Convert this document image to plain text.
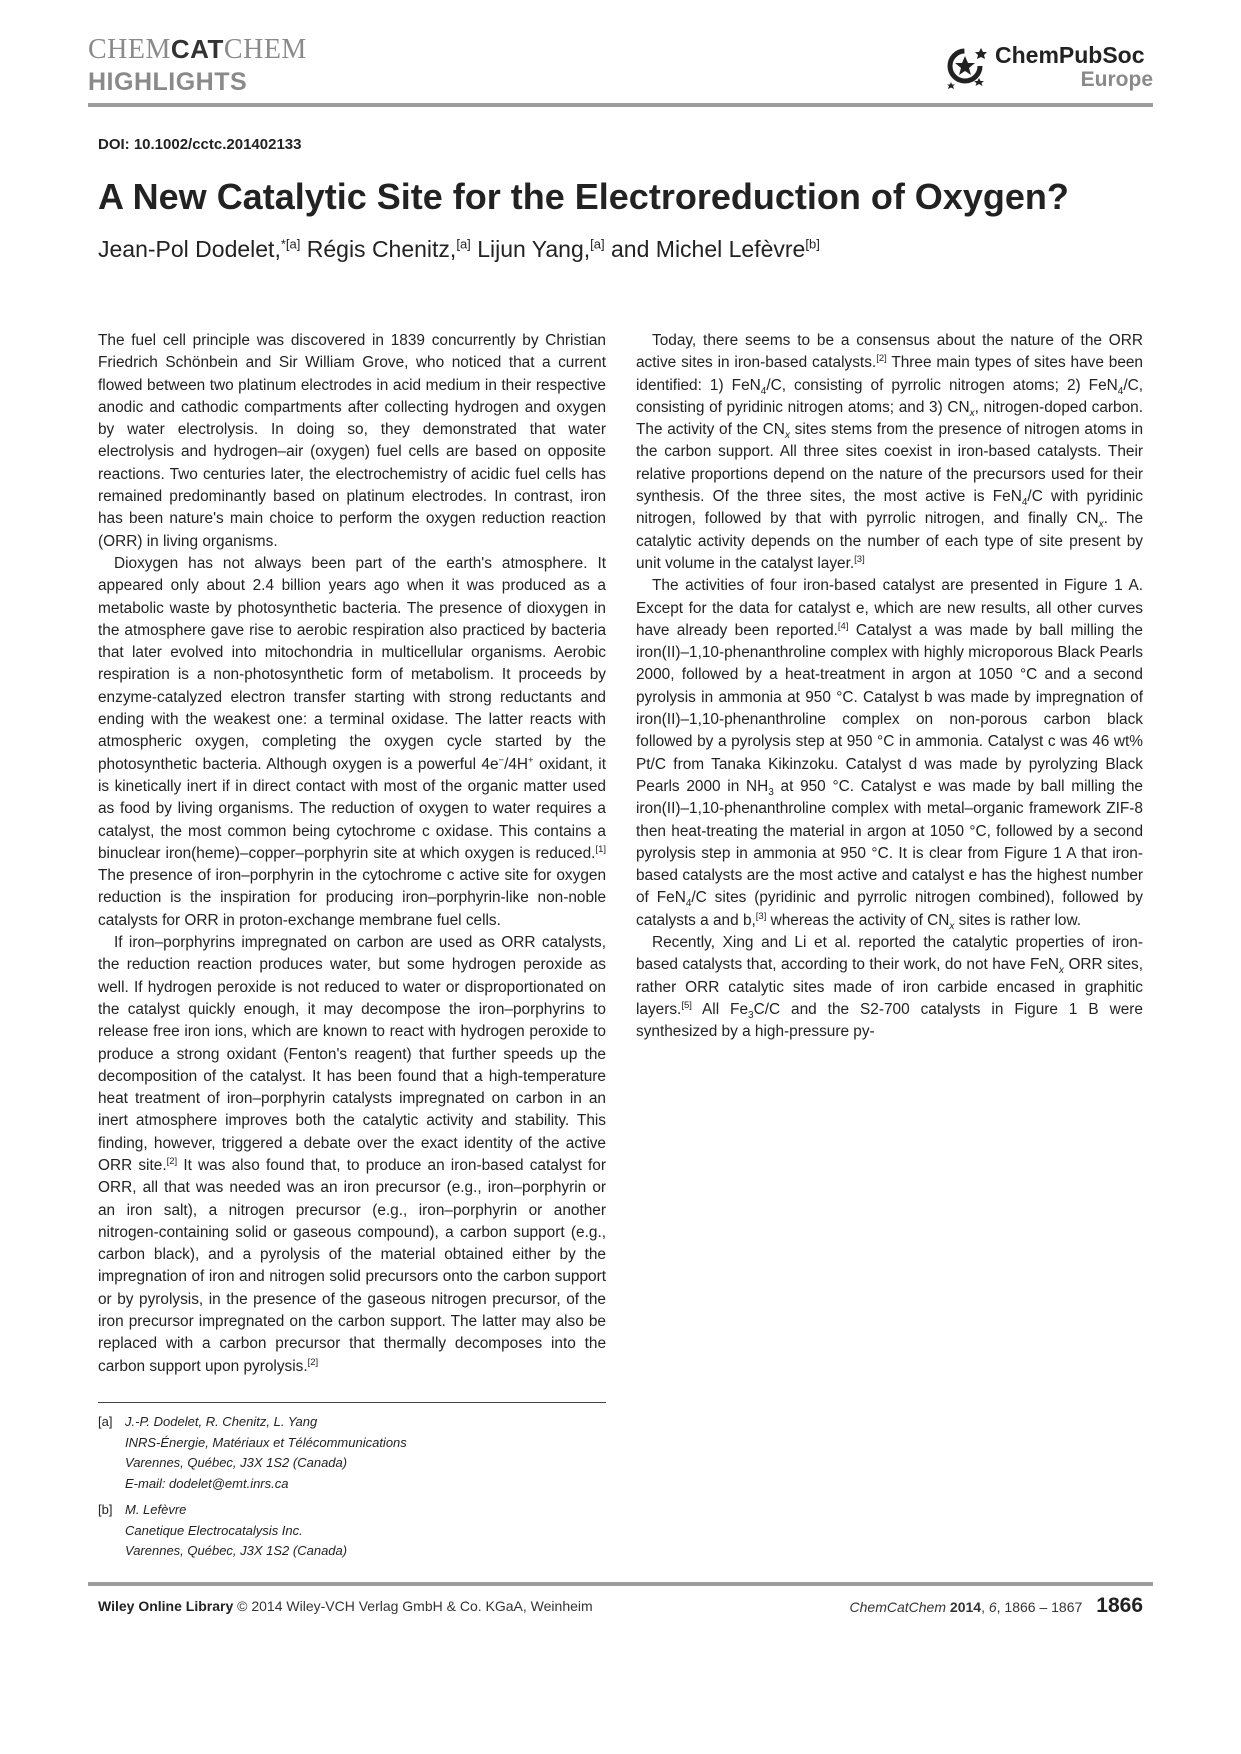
CHEMCATCHEM
HIGHLIGHTS
ChemPubSoc
Europe
DOI: 10.1002/cctc.201402133
A New Catalytic Site for the Electroreduction of Oxygen?
Jean-Pol Dodelet,$^{*[a]}$ Régis Chenitz,[a] Lijun Yang,[a] and Michel Lefèvre[b]

The fuel cell principle was discovered in 1839 concurrently by Christian Friedrich Schönbein and Sir William Grove, who noticed that a current flowed between two platinum electrodes in acid medium in their respective anodic and cathodic compartments after collecting hydrogen and oxygen by water electrolysis. In doing so, they demonstrated that water electrolysis and hydrogen–air (oxygen) fuel cells are based on opposite reactions. Two centuries later, the electrochemistry of acidic fuel cells has remained predominantly based on platinum electrodes. In contrast, iron has been nature's main choice to perform the oxygen reduction reaction (ORR) in living organisms.

Dioxygen has not always been part of the earth's atmosphere. It appeared only about 2.4 billion years ago when it was produced as a metabolic waste by photosynthetic bacteria. The presence of dioxygen in the atmosphere gave rise to aerobic respiration also practiced by bacteria that later evolved into mitochondria in multicellular organisms. Aerobic respiration is a non-photosynthetic form of metabolism. It proceeds by enzyme-catalyzed electron transfer starting with strong reductants and ending with the weakest one: a terminal oxidase. The latter reacts with atmospheric oxygen, completing the oxygen cycle started by the photosynthetic bacteria. Although oxygen is a powerful 4e−/4H+ oxidant, it is kinetically inert if in direct contact with most of the organic matter used as food by living organisms. The reduction of oxygen to water requires a catalyst, the most common being cytochrome c oxidase. This contains a binuclear iron(heme)–copper–porphyrin site at which oxygen is reduced.[1] The presence of iron–porphyrin in the cytochrome c active site for oxygen reduction is the inspiration for producing iron–porphyrin-like non-noble catalysts for ORR in proton-exchange membrane fuel cells.

If iron–porphyrins impregnated on carbon are used as ORR catalysts, the reduction reaction produces water, but some hydrogen peroxide as well. If hydrogen peroxide is not reduced to water or disproportionated on the catalyst quickly enough, it may decompose the iron–porphyrins to release free iron ions, which are known to react with hydrogen peroxide to produce a strong oxidant (Fenton's reagent) that further speeds up the decomposition of the catalyst. It has been found that a high-temperature heat treatment of iron–porphyrin catalysts impregnated on carbon in an inert atmosphere improves both the catalytic activity and stability. This finding, however, triggered a debate over the exact identity of the active ORR site.[2] It was also found that, to produce an iron-based catalyst for ORR, all that was needed was an iron precursor (e.g., iron–porphyrin or an iron salt), a nitrogen precursor (e.g., iron–porphyrin or another nitrogen-containing solid or gaseous compound), a carbon support (e.g., carbon black), and a pyrolysis of the material obtained either by the impregnation of iron and nitrogen solid precursors onto the carbon support or by pyrolysis, in the presence of the gaseous nitrogen precursor, of the iron precursor impregnated on the carbon support. The latter may also be replaced with a carbon precursor that thermally decomposes into the carbon support upon pyrolysis.[2]

Today, there seems to be a consensus about the nature of the ORR active sites in iron-based catalysts.[2] Three main types of sites have been identified: 1) FeN$_4$/C, consisting of pyrrolic nitrogen atoms; 2) FeN$_4$/C, consisting of pyridinic nitrogen atoms; and 3) $CN_x$, nitrogen-doped carbon. The activity of the $CN_x$ sites stems from the presence of nitrogen atoms in the carbon support. All three sites coexist in iron-based catalysts. Their relative proportions depend on the nature of the precursors used for their synthesis. Of the three sites, the most active is FeN$_4$/C with pyridinic nitrogen, followed by that with pyrrolic nitrogen, and finally $CN_x$. The catalytic activity depends on the number of each type of site present by unit volume in the catalyst layer.[3]

The activities of four iron-based catalyst are presented in Figure 1 A. Except for the data for catalyst e, which are new results, all other curves have already been reported.[4] Catalyst a was made by ball milling the iron(II)–1,10-phenanthroline complex with highly microporous Black Pearls 2000, followed by a heat-treatment in argon at 1050 °C and a second pyrolysis in ammonia at 950 °C. Catalyst b was made by impregnation of iron(II)–1,10-phenanthroline complex on non-porous carbon black followed by a pyrolysis step at 950 °C in ammonia. Catalyst c was 46 wt% Pt/C from Tanaka Kikinzoku. Catalyst d was made by pyrolyzing Black Pearls 2000 in $NH_3$ at 950 °C. Catalyst e was made by ball milling the iron(II)–1,10-phenanthroline complex with metal–organic framework ZIF-8 then heat-treating the material in argon at 1050 °C, followed by a second pyrolysis step in ammonia at 950 °C. It is clear from Figure 1 A that iron-based catalysts are the most active and catalyst e has the highest number of FeN$_4$/C sites (pyridinic and pyrrolic nitrogen combined), followed by catalysts a and b,[3] whereas the activity of $CN_x$ sites is rather low.

Recently, Xing and Li et al. reported the catalytic properties of iron-based catalysts that, according to their work, do not have FeN$_x$ ORR sites, rather ORR catalytic sites made of iron carbide encased in graphitic layers.[5] All $Fe_3C/C$ and the S2-700 catalysts in Figure 1 B were synthesized by a high-pressure py-

[a] J.-P. Dodelet, R. Chenitz, L. Yang
INRS-Énergie, Matériaux et Télécommunications
Varennes, Québec, J3X 1S2 (Canada)
E-mail: dodelet@emt.inrs.ca
[b] M. Lefèvre
Canetique Electrocatalysis Inc.
Varennes, Québec, J3X 1S2 (Canada)
Wiley Online Library © 2014 Wiley-VCH Verlag GmbH & Co. KGaA, Weinheim	ChemCatChem 2014, 6, 1866 – 1867 1866
